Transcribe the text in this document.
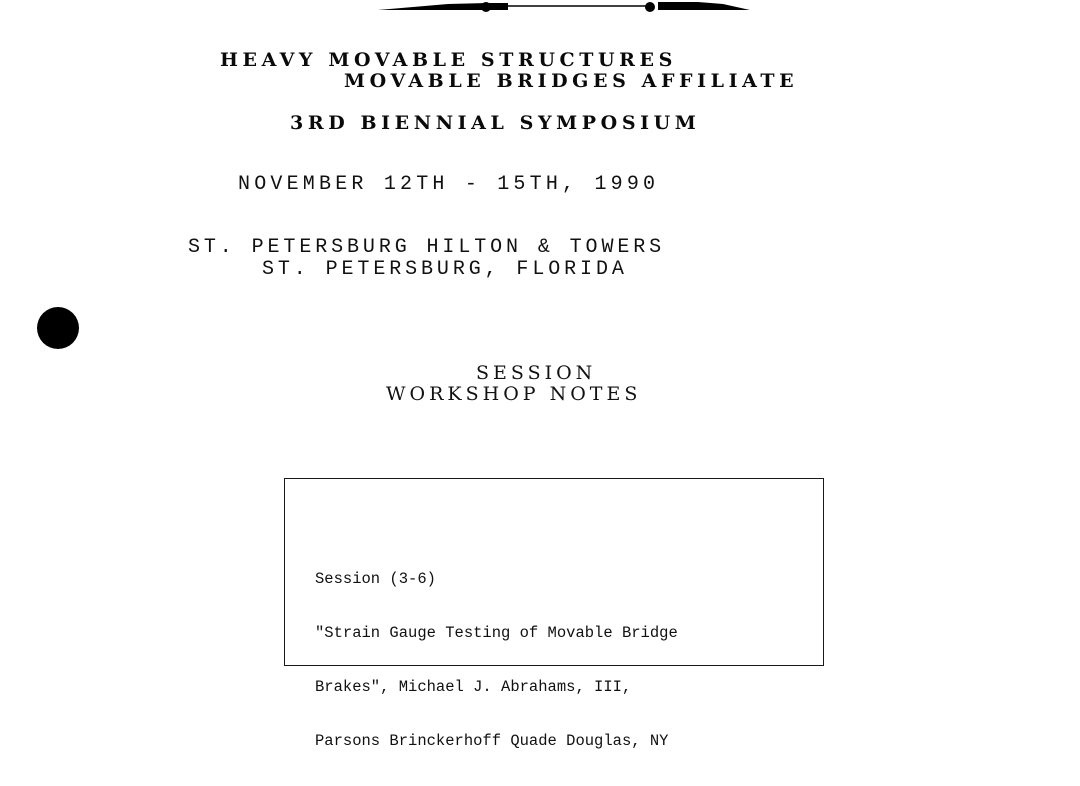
HEAVY MOVABLE STRUCTURES
MOVABLE BRIDGES AFFILIATE
3RD BIENNIAL SYMPOSIUM
NOVEMBER 12TH - 15TH, 1990
ST. PETERSBURG HILTON & TOWERS
ST. PETERSBURG, FLORIDA
SESSION
WORKSHOP NOTES

Session (3-6)

"Strain Gauge Testing of Movable Bridge

Brakes", Michael J. Abrahams, III,

Parsons Brinckerhoff Quade Douglas, NY
